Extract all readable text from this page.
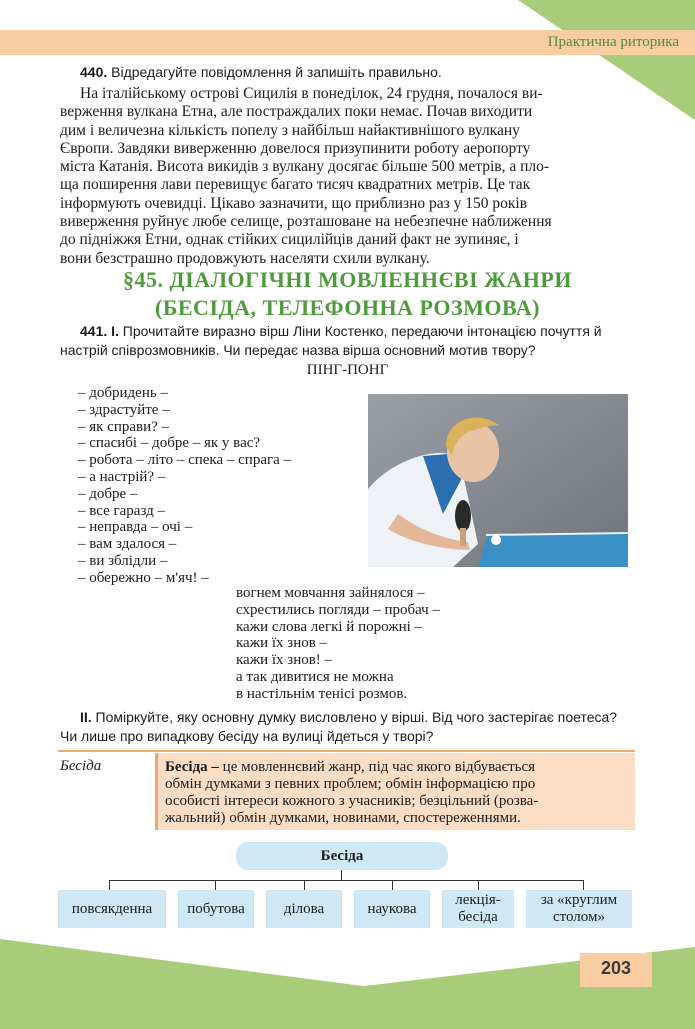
Практична риторика
203
440. Відредагуйте повідомлення й запишіть правильно.
На італійському острові Сицилія в понеділок, 24 грудня, почалося ви-
верження вулкана Етна, але постраждалих поки немає. Почав виходити
дим і величезна кількість попелу з найбільш найактивнішого вулкану
Європи. Завдяки виверженню довелося призупинити роботу аеропорту
міста Катанія. Висота викидів з вулкану досягає більше 500 метрів, а пло-
ща поширення лави перевищує багато тисяч квадратних метрів. Це так
інформують очевидці. Цікаво зазначити, що приблизно раз у 150 років
виверження руйнує любе селище, розташоване на небезпечне наближення
до підніжжя Етни, однак стійких сицилійців даний факт не зупиняє, і
вони безстрашно продовжують населяти схили вулкану.
§45. ДІАЛОГІЧНІ МОВЛЕННЄВІ ЖАНРИ
(БЕСІДА, ТЕЛЕФОННА РОЗМОВА)
441. І. Прочитайте виразно вірш Ліни Костенко, передаючи інтонацією почуття й
настрій співрозмовників. Чи передає назва вірша основний мотив твору?
ПІНГ-ПОНГ
– добридень –
– здрастуйте –
– як справи? –
– спасибі – добре – як у вас?
– робота – літо – спека – спрага –
– а настрій? –
– добре –
– все гаразд –
– неправда – очі –
– вам здалося –
– ви зблідли –
– обережно – м'яч! –
вогнем мовчання зайнялося –
схрестились погляди – пробач –
кажи слова легкі й порожні –
кажи їх знов –
кажи їх знов! –
а так дивитися не можна
в настільнім тенісі розмов.
ІІ. Поміркуйте, яку основну думку висловлено у вірші. Від чого застерігає поетеса?
Чи лише про випадкову бесіду на вулиці йдеться у творі?
Бесіда	Бесіда – це мовленнєвий жанр, під час якого відбувається
обмін думками з певних проблем; обмін інформацією про
особисті інтереси кожного з учасників; безцільний (розва-
жальний) обмін думками, новинами, спостереженнями.
Бесіда
повсякденна	побутова	ділова	наукова
лекція-бесіда
за «круглим столом»
